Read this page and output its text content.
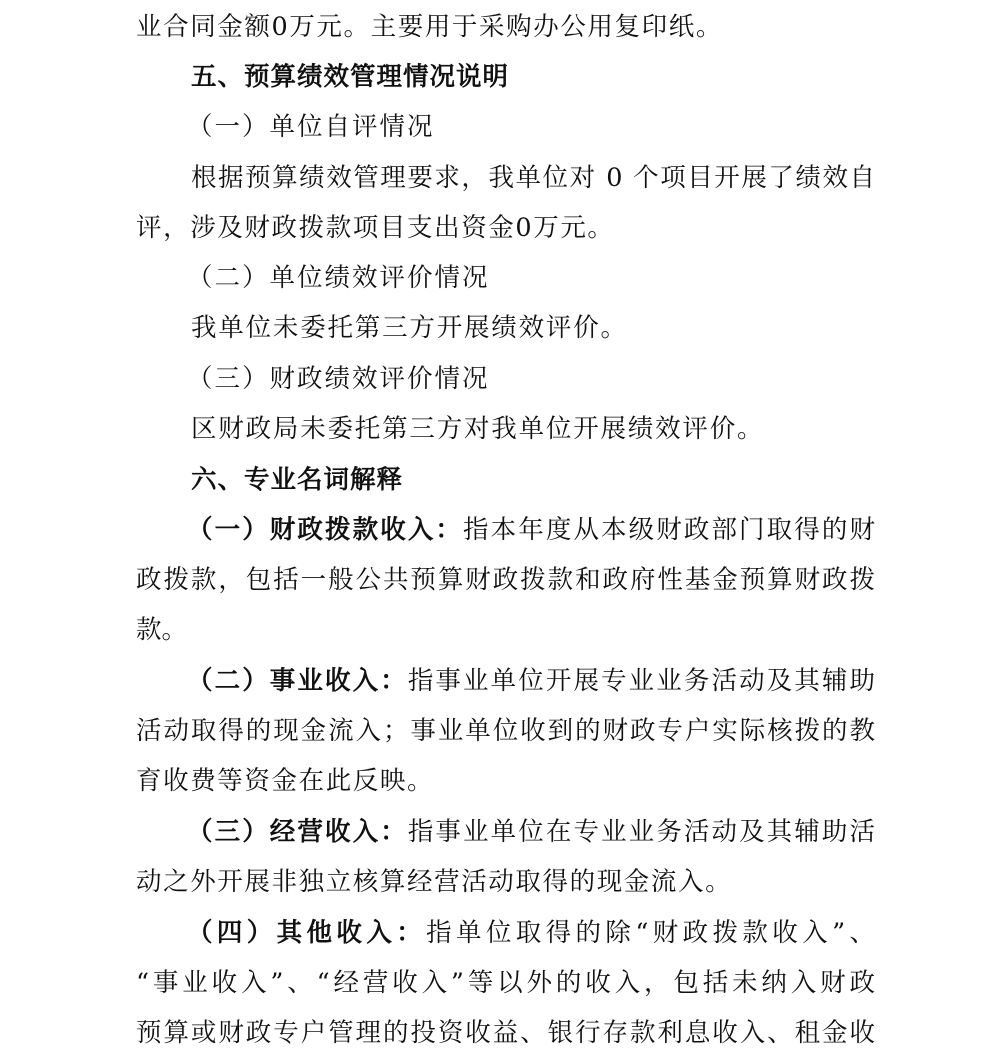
业合同金额0万元。主要用于采购办公用复印纸。
五、预算绩效管理情况说明
（一）单位自评情况
根据预算绩效管理要求，我单位对 0 个项目开展了绩效自
评，涉及财政拨款项目支出资金0万元。
（二）单位绩效评价情况
我单位未委托第三方开展绩效评价。
（三）财政绩效评价情况
区财政局未委托第三方对我单位开展绩效评价。
六、专业名词解释
（一）财政拨款收入：指本年度从本级财政部门取得的财
政拨款，包括一般公共预算财政拨款和政府性基金预算财政拨
款。
（二）事业收入：指事业单位开展专业业务活动及其辅助
活动取得的现金流入；事业单位收到的财政专户实际核拨的教
育收费等资金在此反映。
（三）经营收入：指事业单位在专业业务活动及其辅助活
动之外开展非独立核算经营活动取得的现金流入。
（四）其他收入：指单位取得的除“财政拨款收入”、
“事业收入”、“经营收入”等以外的收入，包括未纳入财政
预算或财政专户管理的投资收益、银行存款利息收入、租金收
